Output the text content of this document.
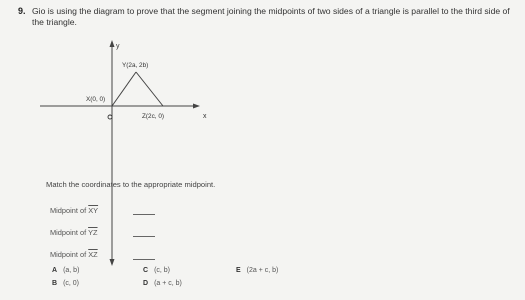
9. Gio is using the diagram to prove that the segment joining the midpoints of two sides of a triangle is parallel to the third side of the triangle.
y
x
Y(2a, 2b)
X(0, 0)
Z(2c, 0)
Match the coordinates to the appropriate midpoint.
Midpoint of $\overline{XY}$
Midpoint of $\overline{YZ}$
Midpoint of $\overline{XZ}$
A (a, b)
B (c, 0)
C (c, b)
D (a + c, b)
E (2a + c, b)
